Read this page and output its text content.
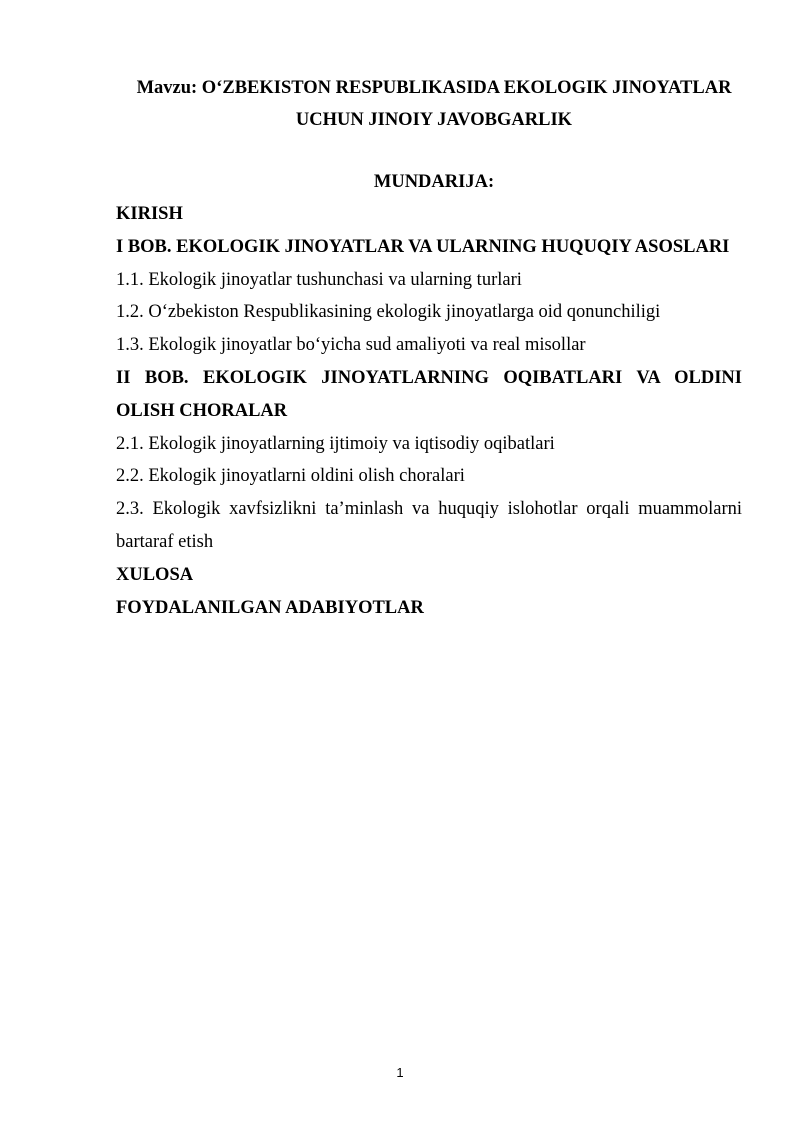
Mavzu: O‘ZBEKISTON RESPUBLIKASIDA EKOLOGIK JINOYATLAR UCHUN JINOIY JAVOBGARLIK
MUNDARIJA:
KIRISH
I BOB. EKOLOGIK JINOYATLAR VA ULARNING HUQUQIY ASOSLARI
1.1. Ekologik jinoyatlar tushunchasi va ularning turlari
1.2. O‘zbekiston Respublikasining ekologik jinoyatlarga oid qonunchiligi
1.3. Ekologik jinoyatlar bo‘yicha sud amaliyoti va real misollar
II BOB. EKOLOGIK JINOYATLARNING OQIBATLARI VA OLDINI OLISH CHORALAR
2.1. Ekologik jinoyatlarning ijtimoiy va iqtisodiy oqibatlari
2.2. Ekologik jinoyatlarni oldini olish choralari
2.3. Ekologik xavfsizlikni ta’minlash va huquqiy islohotlar orqali muammolarni bartaraf etish
XULOSA
FOYDALANILGAN ADABIYOTLAR
1
